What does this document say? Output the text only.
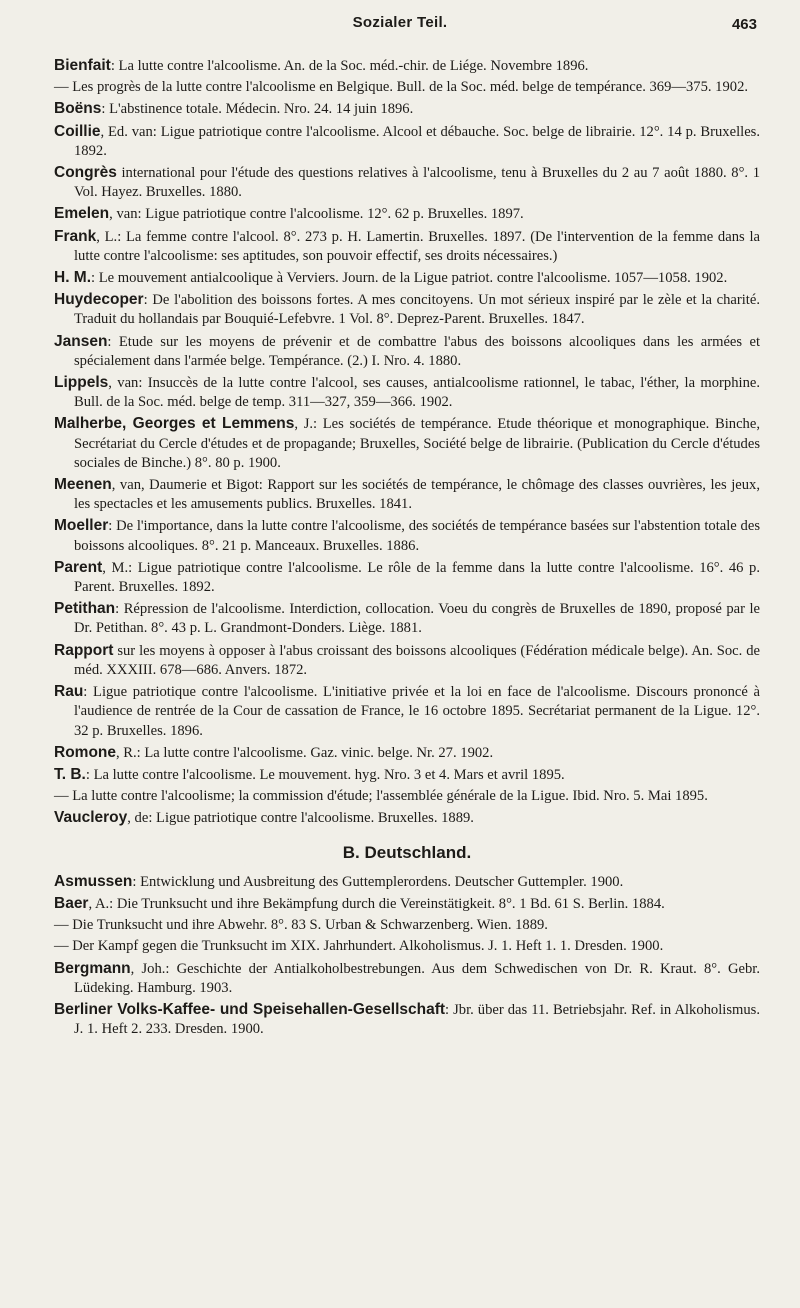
Sozialer Teil.	463
Bienfait: La lutte contre l'alcoolisme. An. de la Soc. méd.-chir. de Liége. Novembre 1896.
— Les progrès de la lutte contre l'alcoolisme en Belgique. Bull. de la Soc. méd. belge de tempérance. 369—375. 1902.
Boëns: L'abstinence totale. Médecin. Nro. 24. 14 juin 1896.
Coillie, Ed. van: Ligue patriotique contre l'alcoolisme. Alcool et débauche. Soc. belge de librairie. 12°. 14 p. Bruxelles. 1892.
Congrès international pour l'étude des questions relatives à l'alcoolisme, tenu à Bruxelles du 2 au 7 août 1880. 8°. 1 Vol. Hayez. Bruxelles. 1880.
Emelen, van: Ligue patriotique contre l'alcoolisme. 12°. 62 p. Bruxelles. 1897.
Frank, L.: La femme contre l'alcool. 8°. 273 p. H. Lamertin. Bruxelles. 1897. (De l'intervention de la femme dans la lutte contre l'alcoolisme: ses aptitudes, son pouvoir effectif, ses droits nécessaires.)
H. M.: Le mouvement antialcoolique à Verviers. Journ. de la Ligue patriot. contre l'alcoolisme. 1057—1058. 1902.
Huydecoper: De l'abolition des boissons fortes. A mes concitoyens. Un mot sérieux inspiré par le zèle et la charité. Traduit du hollandais par Bouquié-Lefebvre. 1 Vol. 8°. Deprez-Parent. Bruxelles. 1847.
Jansen: Etude sur les moyens de prévenir et de combattre l'abus des boissons alcooliques dans les armées et spécialement dans l'armée belge. Tempérance. (2.) I. Nro. 4. 1880.
Lippels, van: Insuccès de la lutte contre l'alcool, ses causes, antialcoolisme rationnel, le tabac, l'éther, la morphine. Bull. de la Soc. méd. belge de temp. 311—327, 359—366. 1902.
Malherbe, Georges et Lemmens, J.: Les sociétés de tempérance. Etude théorique et monographique. Binche, Secrétariat du Cercle d'études et de propagande; Bruxelles, Société belge de librairie. (Publication du Cercle d'études sociales de Binche.) 8°. 80 p. 1900.
Meenen, van, Daumerie et Bigot: Rapport sur les sociétés de tempérance, le chômage des classes ouvrières, les jeux, les spectacles et les amusements publics. Bruxelles. 1841.
Moeller: De l'importance, dans la lutte contre l'alcoolisme, des sociétés de tempérance basées sur l'abstention totale des boissons alcooliques. 8°. 21 p. Manceaux. Bruxelles. 1886.
Parent, M.: Ligue patriotique contre l'alcoolisme. Le rôle de la femme dans la lutte contre l'alcoolisme. 16°. 46 p. Parent. Bruxelles. 1892.
Petithan: Répression de l'alcoolisme. Interdiction, collocation. Voeu du congrès de Bruxelles de 1890, proposé par le Dr. Petithan. 8°. 43 p. L. Grandmont-Donders. Liège. 1881.
Rapport sur les moyens à opposer à l'abus croissant des boissons alcooliques (Fédération médicale belge). An. Soc. de méd. XXXIII. 678—686. Anvers. 1872.
Rau: Ligue patriotique contre l'alcoolisme. L'initiative privée et la loi en face de l'alcoolisme. Discours prononcé à l'audience de rentrée de la Cour de cassation de France, le 16 octobre 1895. Secrétariat permanent de la Ligue. 12°. 32 p. Bruxelles. 1896.
Romone, R.: La lutte contre l'alcoolisme. Gaz. vinic. belge. Nr. 27. 1902.
T. B.: La lutte contre l'alcoolisme. Le mouvement. hyg. Nro. 3 et 4. Mars et avril 1895.
— La lutte contre l'alcoolisme; la commission d'étude; l'assemblée générale de la Ligue. Ibid. Nro. 5. Mai 1895.
Vaucleroy, de: Ligue patriotique contre l'alcoolisme. Bruxelles. 1889.
B. Deutschland.
Asmussen: Entwicklung und Ausbreitung des Guttemplerordens. Deutscher Guttempler. 1900.
Baer, A.: Die Trunksucht und ihre Bekämpfung durch die Vereinstätigkeit. 8°. 1 Bd. 61 S. Berlin. 1884.
— Die Trunksucht und ihre Abwehr. 8°. 83 S. Urban & Schwarzenberg. Wien. 1889.
— Der Kampf gegen die Trunksucht im XIX. Jahrhundert. Alkoholismus. J. 1. Heft 1. 1. Dresden. 1900.
Bergmann, Joh.: Geschichte der Antialkoholbestrebungen. Aus dem Schwedischen von Dr. R. Kraut. 8°. Gebr. Lüdeking. Hamburg. 1903.
Berliner Volks-Kaffee- und Speisehallen-Gesellschaft: Jbr. über das 11. Betriebsjahr. Ref. in Alkoholismus. J. 1. Heft 2. 233. Dresden. 1900.
